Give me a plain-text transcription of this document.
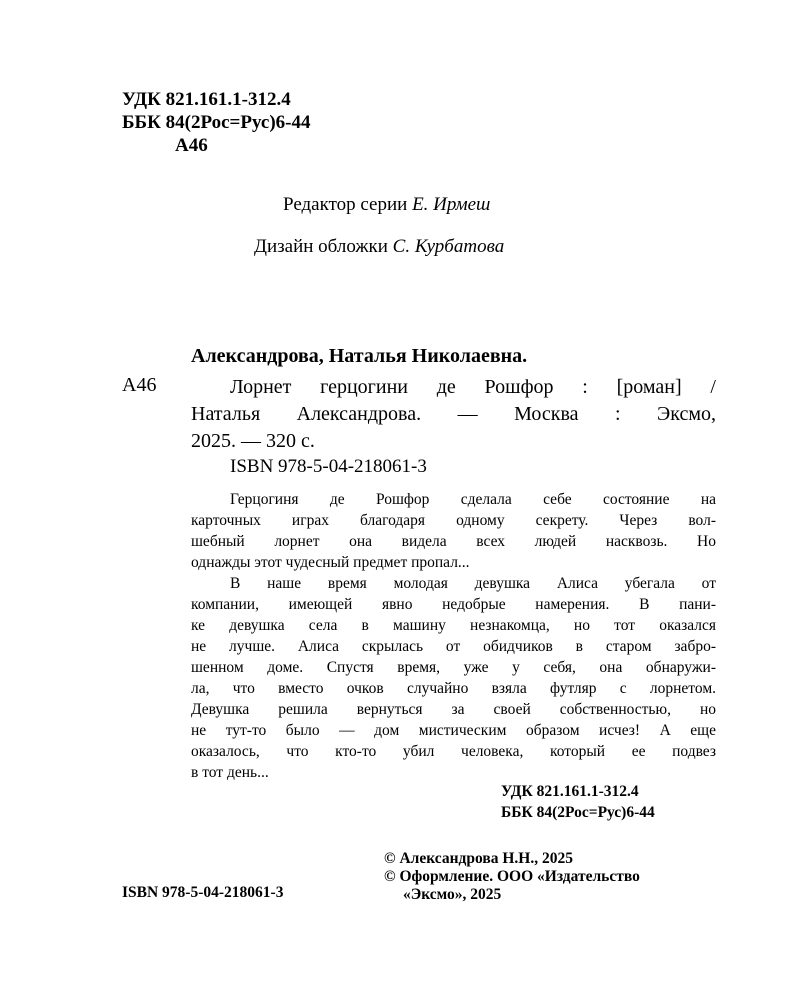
УДК 821.161.1-312.4
ББК 84(2Рос=Рус)6-44
А46
Редактор серии Е. Ирмеш
Дизайн обложки С. Курбатова
Александрова, Наталья Николаевна.
А46	Лорнет герцогини де Рошфор : [роман] /
Наталья Александрова. — Москва : Эксмо,
2025. — 320 с.
ISBN 978-5-04-218061-3
Герцогиня де Рошфор сделала себе состояние на
карточных играх благодаря одному секрету. Через вол-
шебный лорнет она видела всех людей насквозь. Но
однажды этот чудесный предмет пропал...
В наше время молодая девушка Алиса убегала от
компании, имеющей явно недобрые намерения. В пани-
ке девушка села в машину незнакомца, но тот оказался
не лучше. Алиса скрылась от обидчиков в старом забро-
шенном доме. Спустя время, уже у себя, она обнаружи-
ла, что вместо очков случайно взяла футляр с лорнетом.
Девушка решила вернуться за своей собственностью, но
не тут-то было — дом мистическим образом исчез! А еще
оказалось, что кто-то убил человека, который ее подвез
в тот день...
УДК 821.161.1-312.4
ББК 84(2Рос=Рус)6-44
© Александрова Н.Н., 2025
© Оформление. ООО «Издательство
«Эксмо», 2025
ISBN 978-5-04-218061-3
